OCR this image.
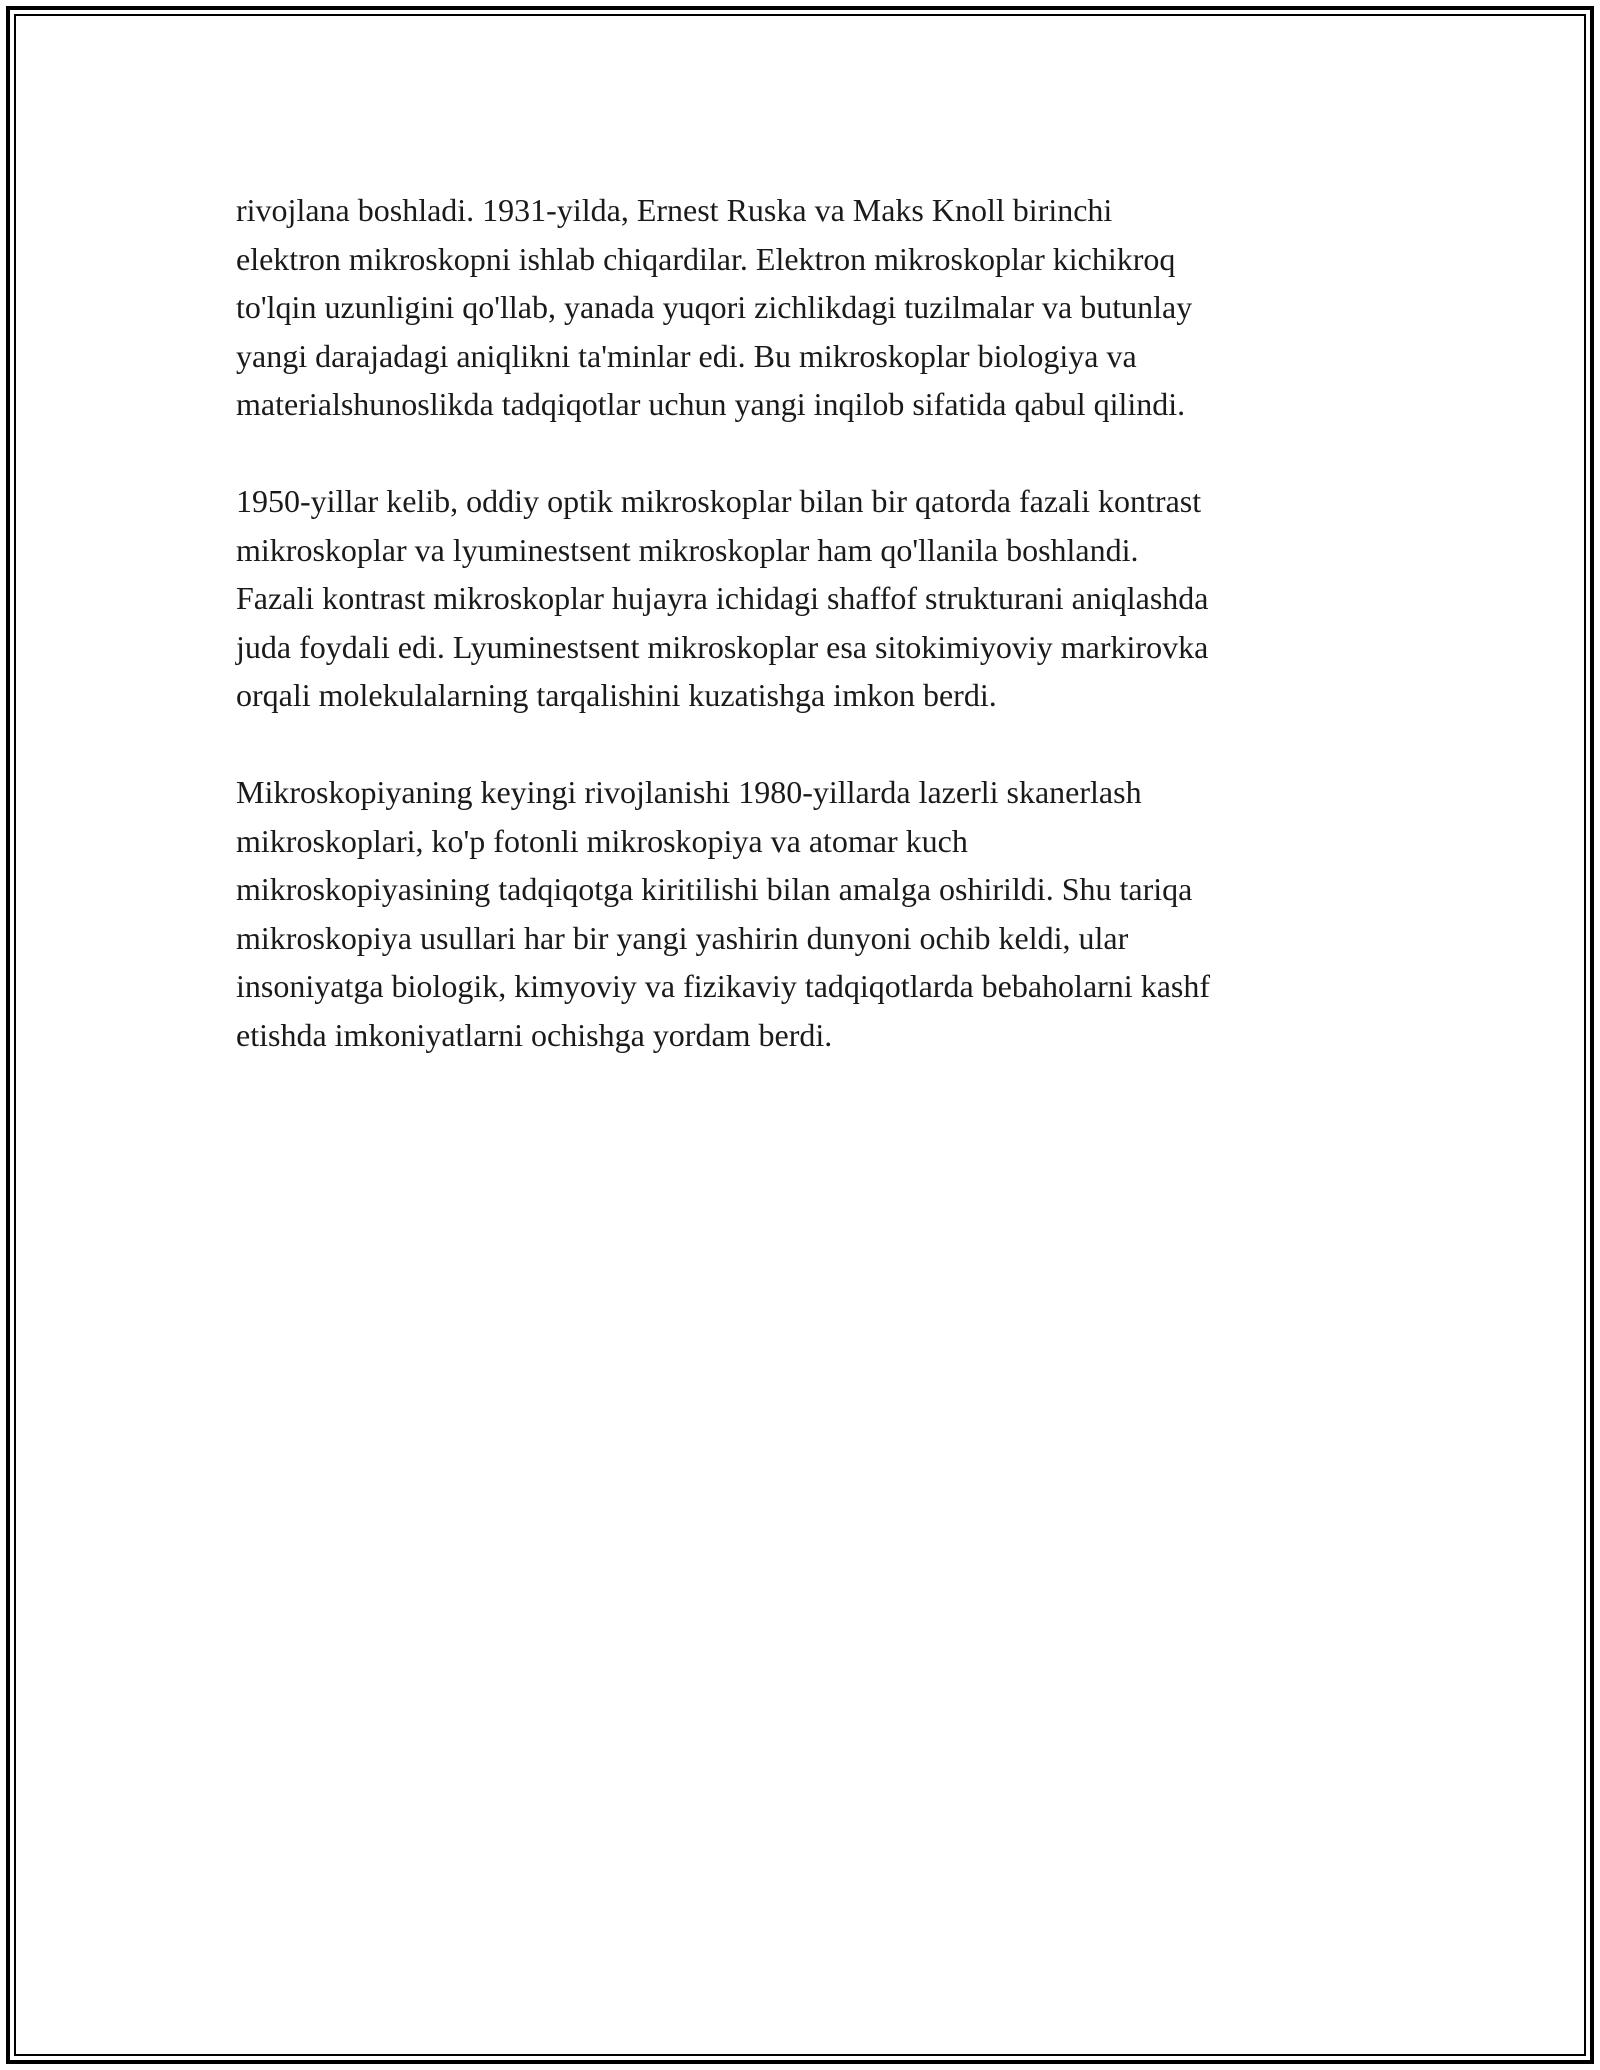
rivojlana boshladi. 1931-yilda, Ernest Ruska va Maks Knoll birinchi
elektron mikroskopni ishlab chiqardilar. Elektron mikroskoplar kichikroq
to'lqin uzunligini qo'llab, yanada yuqori zichlikdagi tuzilmalar va butunlay
yangi darajadagi aniqlikni ta'minlar edi. Bu mikroskoplar biologiya va
materialshunoslikda tadqiqotlar uchun yangi inqilob sifatida qabul qilindi.

1950-yillar kelib, oddiy optik mikroskoplar bilan bir qatorda fazali kontrast
mikroskoplar va lyuminestsent mikroskoplar ham qo'llanila boshlandi.
Fazali kontrast mikroskoplar hujayra ichidagi shaffof strukturani aniqlashda
juda foydali edi. Lyuminestsent mikroskoplar esa sitokimiyoviy markirovka
orqali molekulalarning tarqalishini kuzatishga imkon berdi.

Mikroskopiyaning keyingi rivojlanishi 1980-yillarda lazerli skanerlash
mikroskoplari, ko'p fotonli mikroskopiya va atomar kuch
mikroskopiyasining tadqiqotga kiritilishi bilan amalga oshirildi. Shu tariqa
mikroskopiya usullari har bir yangi yashirin dunyoni ochib keldi, ular
insoniyatga biologik, kimyoviy va fizikaviy tadqiqotlarda bebaholarni kashf
etishda imkoniyatlarni ochishga yordam berdi.
